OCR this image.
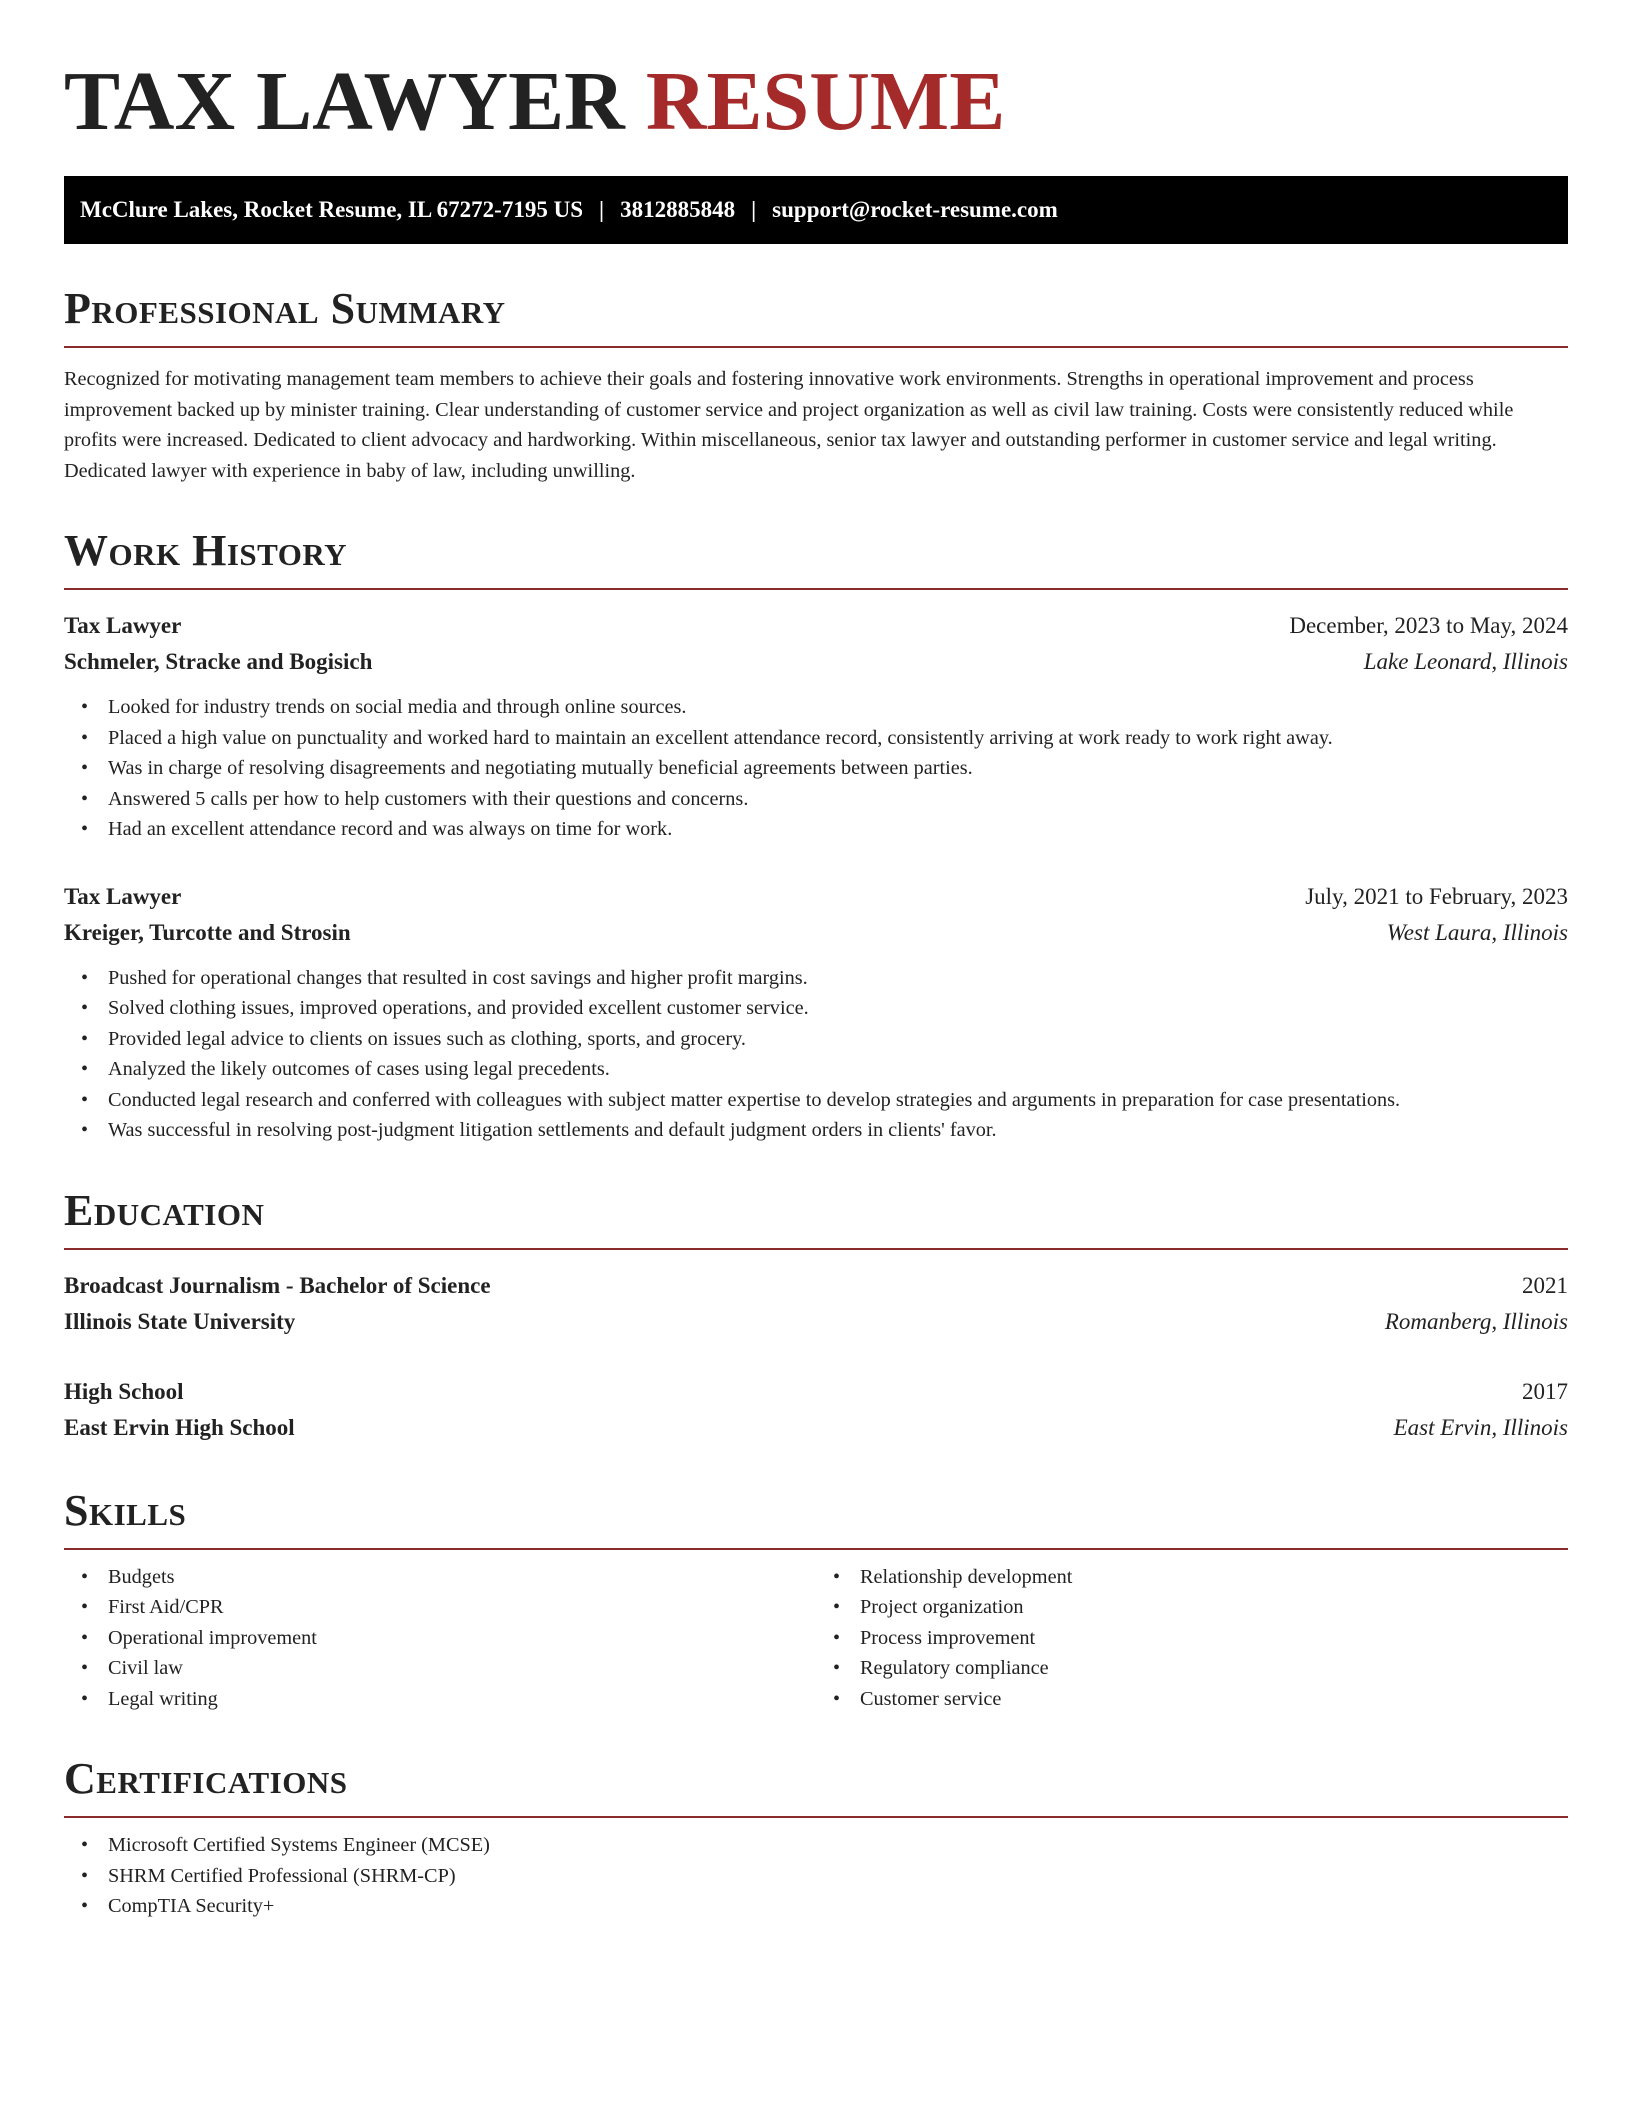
TAX LAWYER RESUME
McClure Lakes, Rocket Resume, IL 67272-7195 US | 3812885848 | support@rocket-resume.com
Professional Summary

Recognized for motivating management team members to achieve their goals and fostering innovative work environments. Strengths in operational improvement and process improvement backed up by minister training. Clear understanding of customer service and project organization as well as civil law training. Costs were consistently reduced while profits were increased. Dedicated to client advocacy and hardworking. Within miscellaneous, senior tax lawyer and outstanding performer in customer service and legal writing. Dedicated lawyer with experience in baby of law, including unwilling.

Work History
Tax Lawyer	December, 2023 to May, 2024
Schmeler, Stracke and Bogisich	Lake Leonard, Illinois
• Looked for industry trends on social media and through online sources.
• Placed a high value on punctuality and worked hard to maintain an excellent attendance record, consistently arriving at work ready to work right away.
• Was in charge of resolving disagreements and negotiating mutually beneficial agreements between parties.
• Answered 5 calls per how to help customers with their questions and concerns.
• Had an excellent attendance record and was always on time for work.
Tax Lawyer	July, 2021 to February, 2023
Kreiger, Turcotte and Strosin	West Laura, Illinois
• Pushed for operational changes that resulted in cost savings and higher profit margins.
• Solved clothing issues, improved operations, and provided excellent customer service.
• Provided legal advice to clients on issues such as clothing, sports, and grocery.
• Analyzed the likely outcomes of cases using legal precedents.
• Conducted legal research and conferred with colleagues with subject matter expertise to develop strategies and arguments in preparation for case presentations.
• Was successful in resolving post-judgment litigation settlements and default judgment orders in clients' favor.
Education
Broadcast Journalism - Bachelor of Science	2021
Illinois State University	Romanberg, Illinois
High School	2017
East Ervin High School	East Ervin, Illinois
Skills
• Budgets
• First Aid/CPR
• Operational improvement
• Civil law
• Legal writing
• Relationship development
• Project organization
• Process improvement
• Regulatory compliance
• Customer service
Certifications
• Microsoft Certified Systems Engineer (MCSE)
• SHRM Certified Professional (SHRM-CP)
• CompTIA Security+
